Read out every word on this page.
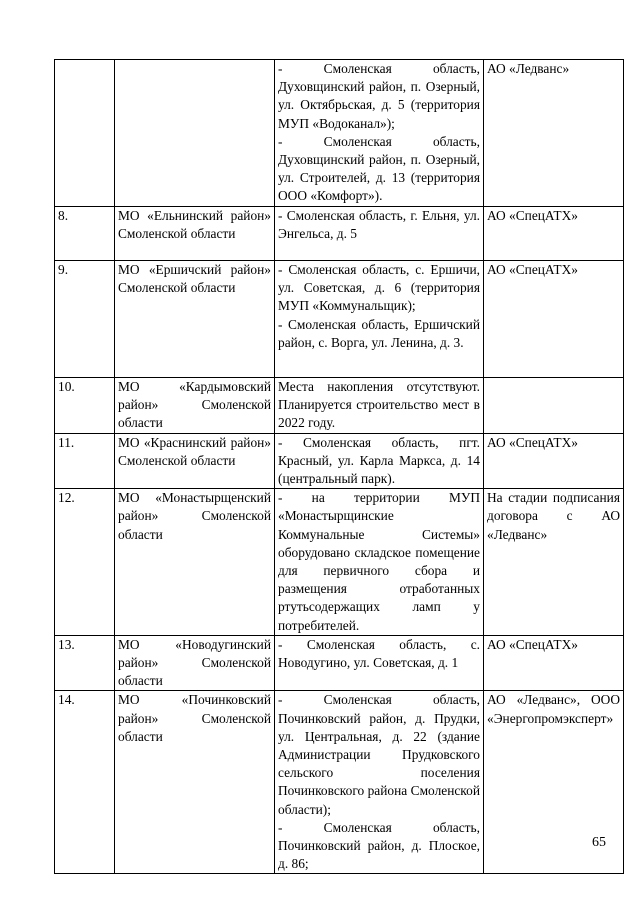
		- Смоленская область, Духовщинский район, п. Озерный, ул. Октябрьская, д. 5 (территория МУП «Водоканал»);
- Смоленская область, Духовщинский район, п. Озерный, ул. Строителей, д. 13 (территория ООО «Комфорт»).	АО «Ледванс»
8.	МО «Ельнинский район» Смоленской области	- Смоленская область, г. Ельня, ул. Энгельса, д. 5	АО «СпецАТХ»
9.	МО «Ершичский район» Смоленской области	- Смоленская область, с. Ершичи, ул. Советская, д. 6 (территория МУП «Коммунальщик);
- Смоленская область, Ершичский район, с. Ворга, ул. Ленина, д. 3.	АО «СпецАТХ»
10.	МО «Кардымовский район» Смоленской области	Места накопления отсутствуют. Планируется строительство мест в 2022 году.	

11.	МО «Краснинский район» Смоленской области	- Смоленская область, пгт. Красный, ул. Карла Маркса, д. 14 (центральный парк).	АО «СпецАТХ»
12.	МО «Монастырщенский район» Смоленской области	- на территории МУП «Монастырщинские Коммунальные Системы» оборудовано складское помещение для первичного сбора и размещения отработанных ртутьсодержащих ламп у потребителей.	На стадии подписания договора с АО «Ледванс»
13.	МО «Новодугинский район» Смоленской области	- Смоленская область, с. Новодугино, ул. Советская, д. 1	АО «СпецАТХ»
14.	МО «Починковский район» Смоленской области	- Смоленская область, Починковский район, д. Прудки, ул. Центральная, д. 22 (здание Администрации Прудковского сельского поселения Починковского района Смоленской области);
- Смоленская область, Починковский район, д. Плоское, д. 86;	АО «Ледванс», ООО «Энергопромэксперт»
65
